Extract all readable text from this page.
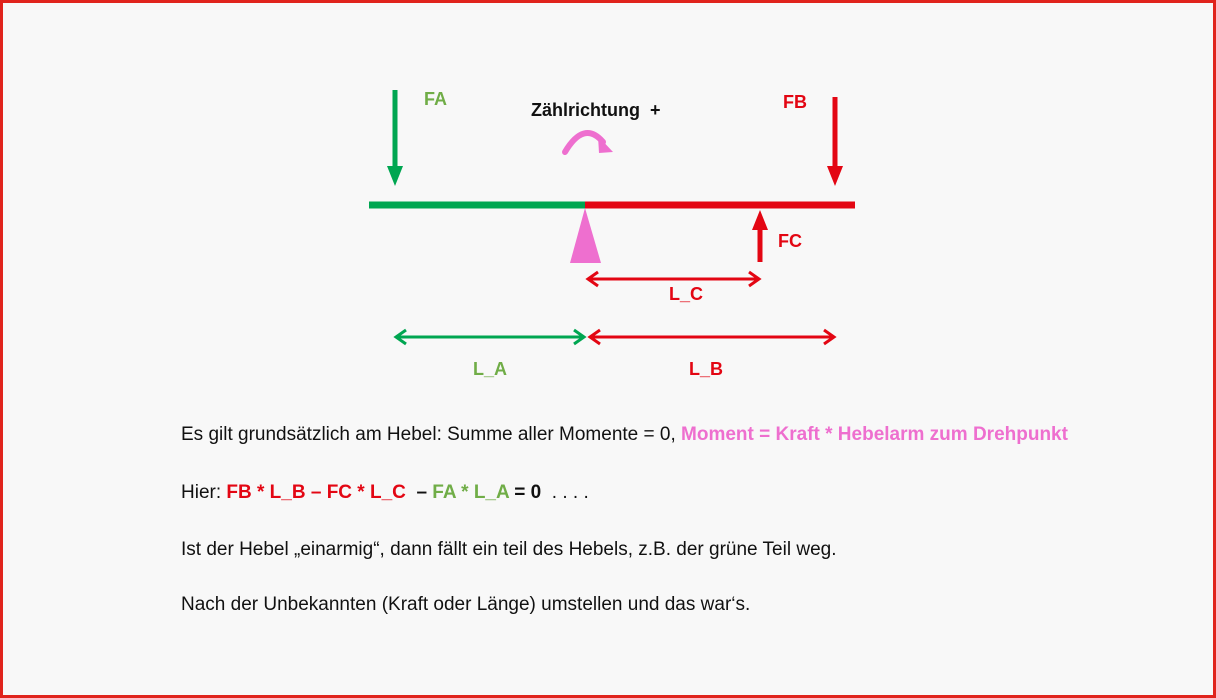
FA	FB
FC
Zählrichtung  +
L_C
L_A	L_B
Es gilt grundsätzlich am Hebel: Summe aller Momente = 0, Moment = Kraft * Hebelarm zum Drehpunkt
Hier: FB * L_B – FC * L_C  – FA * L_A = 0  . . . .
Ist der Hebel „einarmig“, dann fällt ein teil des Hebels, z.B. der grüne Teil weg.
Nach der Unbekannten (Kraft oder Länge) umstellen und das war‘s.
